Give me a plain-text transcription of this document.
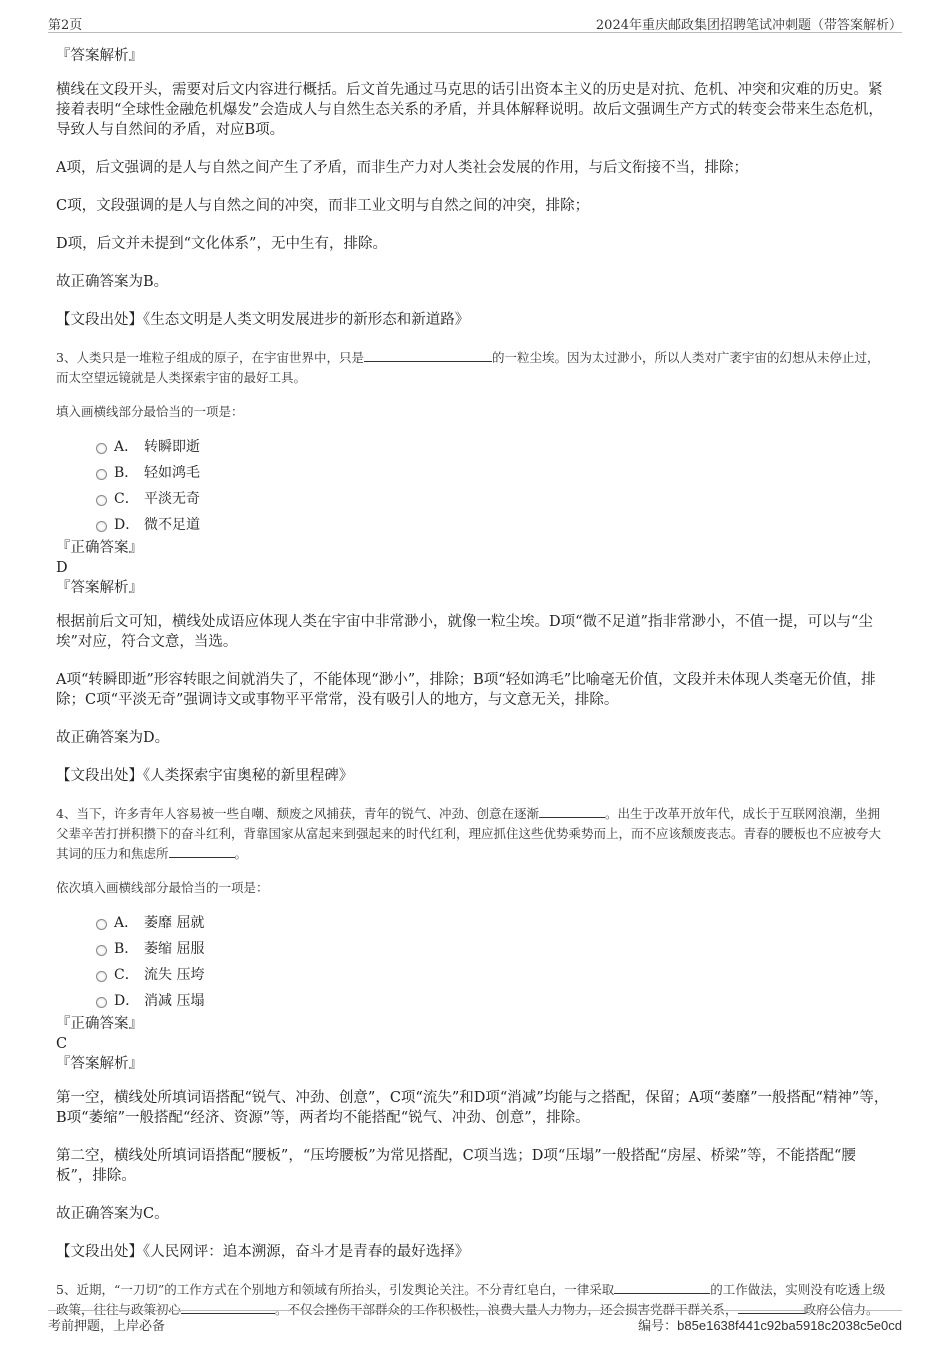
第2页	2024年重庆邮政集团招聘笔试冲刺题（带答案解析）

『答案解析』

横线在文段开头，需要对后文内容进行概括。后文首先通过马克思的话引出资本主义的历史是对抗、危机、冲突和灾难的历史。紧接着表明“全球性金融危机爆发”会造成人与自然生态关系的矛盾，并具体解释说明。故后文强调生产方式的转变会带来生态危机，导致人与自然间的矛盾，对应B项。

A项，后文强调的是人与自然之间产生了矛盾，而非生产力对人类社会发展的作用，与后文衔接不当，排除；

C项，文段强调的是人与自然之间的冲突，而非工业文明与自然之间的冲突，排除；

D项，后文并未提到“文化体系”，无中生有，排除。

故正确答案为B。

【文段出处】《生态文明是人类文明发展进步的新形态和新道路》

3、人类只是一堆粒子组成的原子，在宇宙世界中，只是	的一粒尘埃。因为太过渺小，所以人类对广袤宇宙的幻想从未停止过，而太空望远镜就是人类探索宇宙的最好工具。

填入画横线部分最恰当的一项是：

A． 转瞬即逝
B． 轻如鸿毛
C． 平淡无奇
D． 微不足道

『正确答案』

D

『答案解析』

根据前后文可知，横线处成语应体现人类在宇宙中非常渺小，就像一粒尘埃。D项“微不足道”指非常渺小，不值一提，可以与“尘埃”对应，符合文意，当选。

A项“转瞬即逝”形容转眼之间就消失了，不能体现“渺小”，排除；B项“轻如鸿毛”比喻毫无价值，文段并未体现人类毫无价值，排除；C项“平淡无奇”强调诗文或事物平平常常，没有吸引人的地方，与文意无关，排除。

故正确答案为D。

【文段出处】《人类探索宇宙奥秘的新里程碑》

4、当下，许多青年人容易被一些自嘲、颓废之风捕获，青年的锐气、冲劲、创意在逐渐	。出生于改革开放年代，成长于互联网浪潮，坐拥父辈辛苦打拼积攒下的奋斗红利，背靠国家从富起来到强起来的时代红利，理应抓住这些优势乘势而上，而不应该颓废丧志。青春的腰板也不应被夸大其词的压力和焦虑所	。

依次填入画横线部分最恰当的一项是：

A． 萎靡 屈就
B． 萎缩 屈服
C． 流失 压垮
D． 消减 压塌

『正确答案』

C

『答案解析』

第一空，横线处所填词语搭配“锐气、冲劲、创意”，C项“流失”和D项“消减”均能与之搭配，保留；A项“萎靡”一般搭配“精神”等，B项“萎缩”一般搭配“经济、资源”等，两者均不能搭配“锐气、冲劲、创意”，排除。

第二空，横线处所填词语搭配“腰板”，“压垮腰板”为常见搭配，C项当选；D项“压塌”一般搭配“房屋、桥梁”等，不能搭配“腰板”，排除。

故正确答案为C。

【文段出处】《人民网评：追本溯源，奋斗才是青春的最好选择》

5、近期，“一刀切”的工作方式在个别地方和领域有所抬头，引发舆论关注。不分青红皂白，一律采取	的工作做法，实则没有吃透上级政策，往往与政策初心	。不仅会挫伤干部群众的工作积极性，浪费大量人力物力，还会损害党群干群关系，	政府公信力。

考前押题，上岸必备	编号：b85e1638f441c92ba5918c2038c5e0cd
